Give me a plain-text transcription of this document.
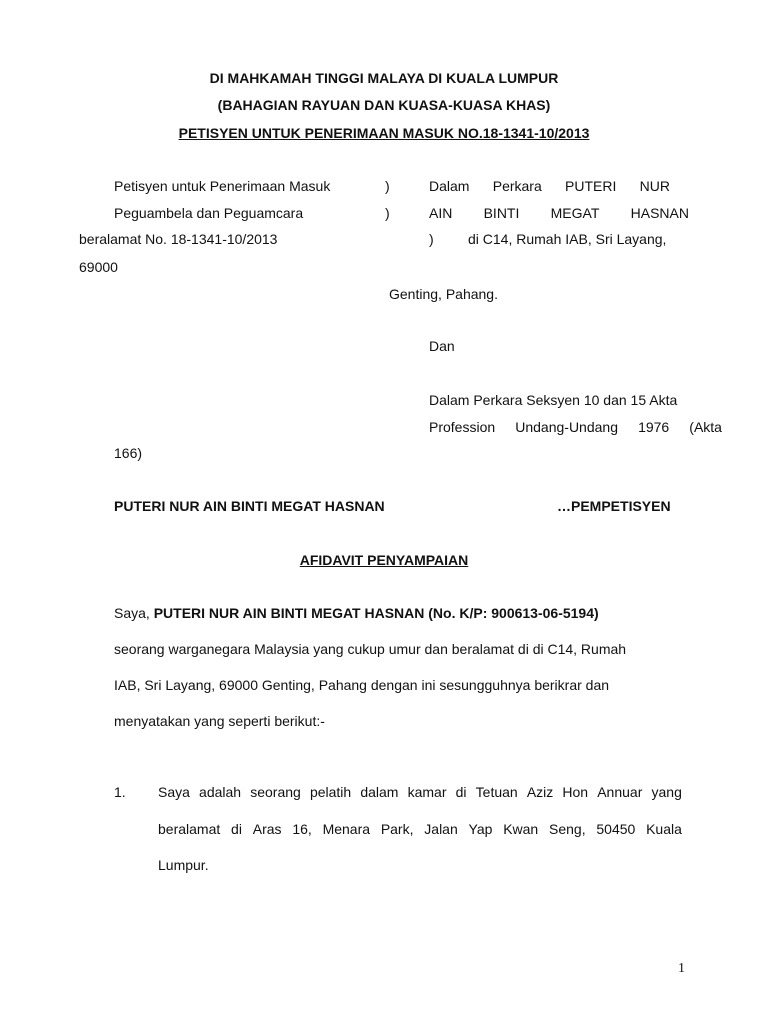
DI MAHKAMAH TINGGI MALAYA DI KUALA LUMPUR
(BAHAGIAN RAYUAN DAN KUASA-KUASA KHAS)
PETISYEN UNTUK PENERIMAAN MASUK NO.18-1341-10/2013
Petisyen untuk Penerimaan Masuk
Peguambela dan Peguamcara
beralamat No. 18-1341-10/2013
69000
)
)
)
Dalam Perkara PUTERI NUR
AIN BINTI MEGAT HASNAN
di C14, Rumah IAB, Sri Layang,
Genting, Pahang.
Dan
Dalam Perkara Seksyen 10 dan 15 Akta
Profession Undang-Undang 1976 (Akta
166)
PUTERI NUR AIN BINTI MEGAT HASNAN	…PEMPETISYEN
AFIDAVIT PENYAMPAIAN
Saya, PUTERI NUR AIN BINTI MEGAT HASNAN (No. K/P: 900613-06-5194)
seorang warganegara Malaysia yang cukup umur dan beralamat di di C14, Rumah
IAB, Sri Layang, 69000 Genting, Pahang dengan ini sesungguhnya berikrar dan
menyatakan yang seperti berikut:-
1. Saya adalah seorang pelatih dalam kamar di Tetuan Aziz Hon Annuar yang
beralamat di Aras 16, Menara Park, Jalan Yap Kwan Seng, 50450 Kuala
Lumpur.
1
